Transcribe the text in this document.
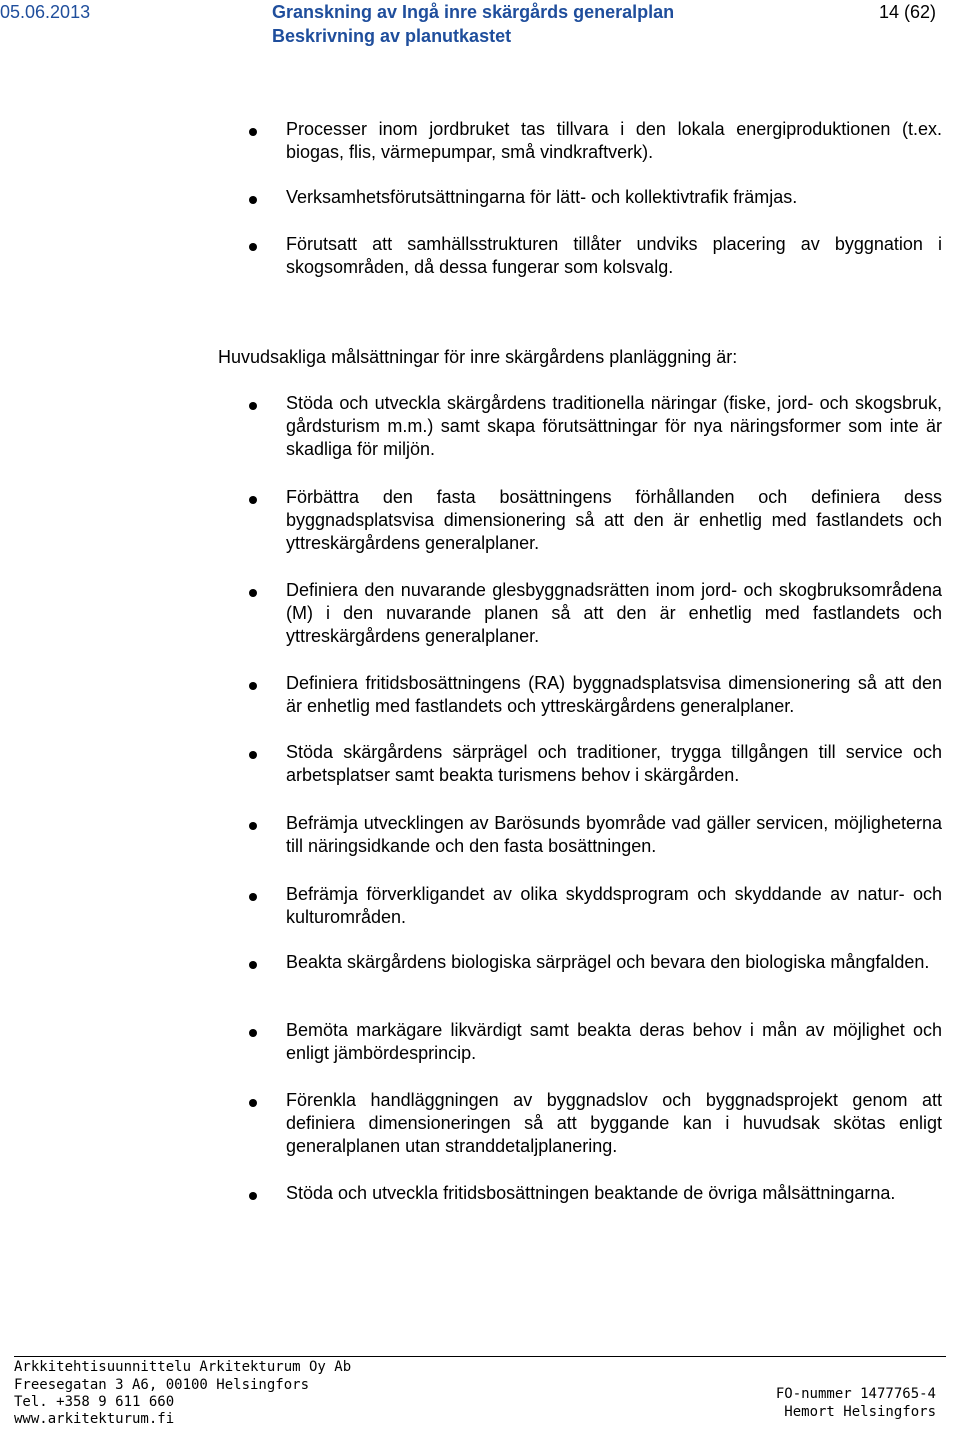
05.06.2013	Granskning av Ingå inre skärgårds generalplan
Beskrivning av planutkastet
14 (62)
Processer inom jordbruket tas tillvara i den lokala energiproduktionen (t.ex. biogas, flis, värmepumpar, små vindkraftverk).
Verksamhetsförutsättningarna för lätt- och kollektivtrafik främjas.
Förutsatt att samhällsstrukturen tillåter undviks placering av byggnation i skogsområden, då dessa fungerar som kolsvalg.
Huvudsakliga målsättningar för inre skärgårdens planläggning är:
Stöda och utveckla skärgårdens traditionella näringar (fiske, jord- och skogsbruk, gårdsturism m.m.) samt skapa förutsättningar för nya näringsformer som inte är skadliga för miljön.
Förbättra den fasta bosättningens förhållanden och definiera dess byggnadsplatsvisa dimensionering så att den är enhetlig med fastlandets och yttreskärgårdens generalplaner.
Definiera den nuvarande glesbyggnadsrätten inom jord- och skogbruksområdena (M) i den nuvarande planen så att den är enhetlig med fastlandets och yttreskärgårdens generalplaner.
Definiera fritidsbosättningens (RA) byggnadsplatsvisa dimensionering så att den är enhetlig med fastlandets och yttreskärgårdens generalplaner.
Stöda skärgårdens särprägel och traditioner, trygga tillgången till service och arbetsplatser samt beakta turismens behov i skärgården.
Befrämja utvecklingen av Barösunds byområde vad gäller servicen, möjligheterna till näringsidkande och den fasta bosättningen.
Befrämja förverkligandet av olika skyddsprogram och skyddande av natur- och kulturområden.
Beakta skärgårdens biologiska särprägel och bevara den biologiska mångfalden.
Bemöta markägare likvärdigt samt beakta deras behov i mån av möjlighet och enligt jämbördesprincip.
Förenkla handläggningen av byggnadslov och byggnadsprojekt genom att definiera dimensioneringen så att byggande kan i huvudsak skötas enligt generalplanen utan stranddetaljplanering.
Stöda och utveckla fritidsbosättningen beaktande de övriga målsättningarna.
Arkkitehtisuunnittelu Arkitekturum Oy Ab
Freesegatan 3 A6, 00100 Helsingfors
Tel. +358 9 611 660
www.arkitekturum.fi
FO-nummer 1477765-4
Hemort Helsingfors
